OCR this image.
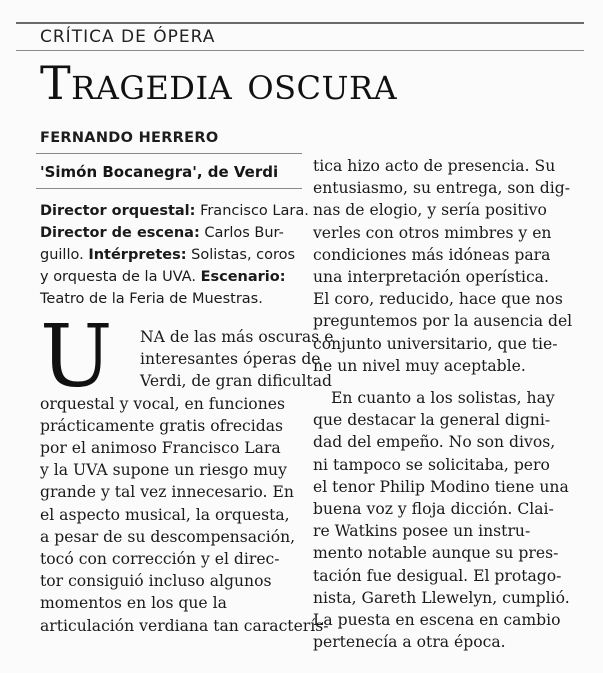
CRÍTICA DE ÓPERA
Tragedia oscura
FERNANDO HERRERO
'Simón Bocanegra', de Verdi

Director orquestal: Francisco Lara.

Director de escena: Carlos Bur-

guillo. Intérpretes: Solistas, coros

y orquesta de la UVA. Escenario:

Teatro de la Feria de Muestras.

U	NA de las más oscuras e
interesantes óperas de
Verdi, de gran dificultad
orquestal y vocal, en funciones
prácticamente gratis ofrecidas
por el animoso Francisco Lara
y la UVA supone un riesgo muy
grande y tal vez innecesario. En
el aspecto musical, la orquesta,
a pesar de su descompensación,
tocó con corrección y el direc-
tor consiguió incluso algunos
momentos en los que la
articulación verdiana tan caracterís-
tica hizo acto de presencia. Su
entusiasmo, su entrega, son dig-
nas de elogio, y sería positivo
verles con otros mimbres y en
condiciones más idóneas para
una interpretación operística.
El coro, reducido, hace que nos
preguntemos por la ausencia del
conjunto universitario, que tie-
ne un nivel muy aceptable.
En cuanto a los solistas, hay
que destacar la general digni-
dad del empeño. No son divos,
ni tampoco se solicitaba, pero
el tenor Philip Modino tiene una
buena voz y floja dicción. Clai-
re Watkins posee un instru-
mento notable aunque su pres-
tación fue desigual. El protago-
nista, Gareth Llewelyn, cumplió.
La puesta en escena en cambio
pertenecía a otra época.
